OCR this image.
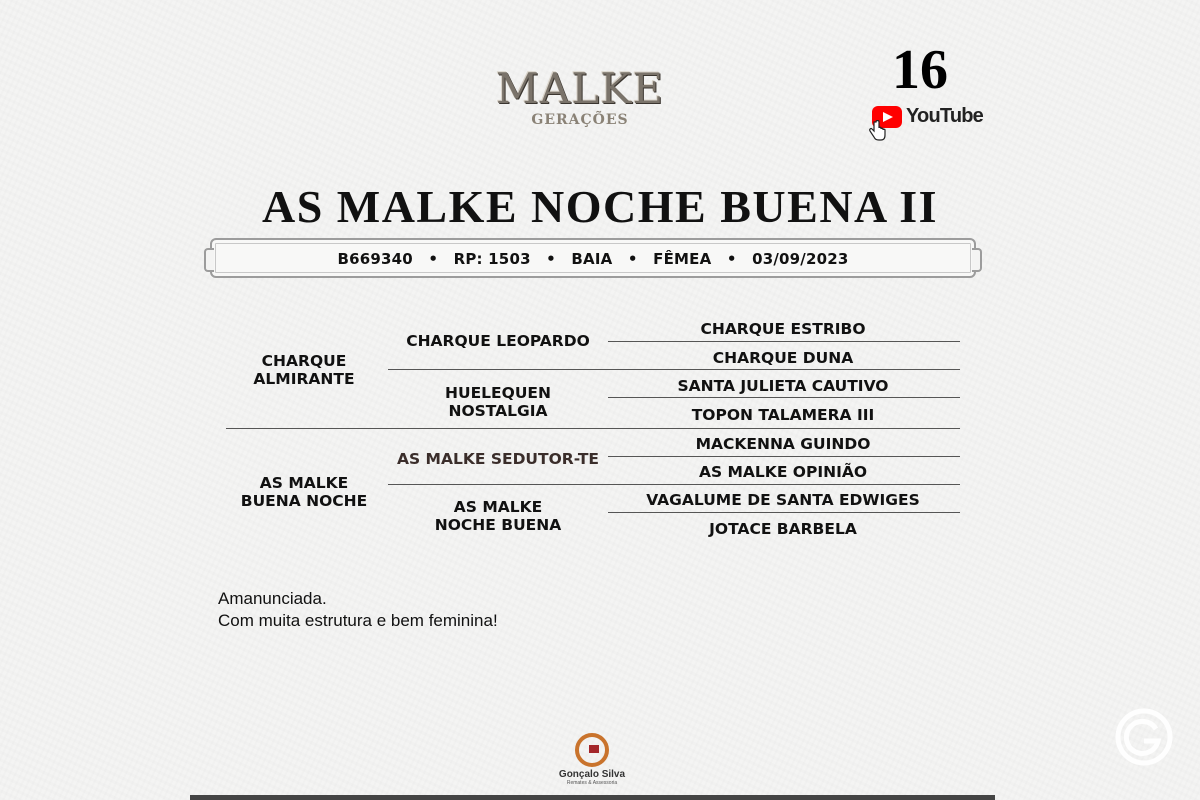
MALKE
GERAÇÕES
16
YouTube
AS MALKE NOCHE BUENA II
B669340 • RP: 1503 • BAIA • FÊMEA • 03/09/2023
CHARQUE
ALMIRANTE
AS MALKE
BUENA NOCHE
CHARQUE LEOPARDO
HUELEQUEN
NOSTALGIA
AS MALKE SEDUTOR-TE
AS MALKE
NOCHE BUENA
CHARQUE ESTRIBO
CHARQUE DUNA
SANTA JULIETA CAUTIVO
TOPON TALAMERA III
MACKENNA GUINDO
AS MALKE OPINIÃO
VAGALUME DE SANTA EDWIGES
JOTACE BARBELA
Amanunciada.
Com muita estrutura e bem feminina!
Gonçalo Silva
Remates & Assessoria
